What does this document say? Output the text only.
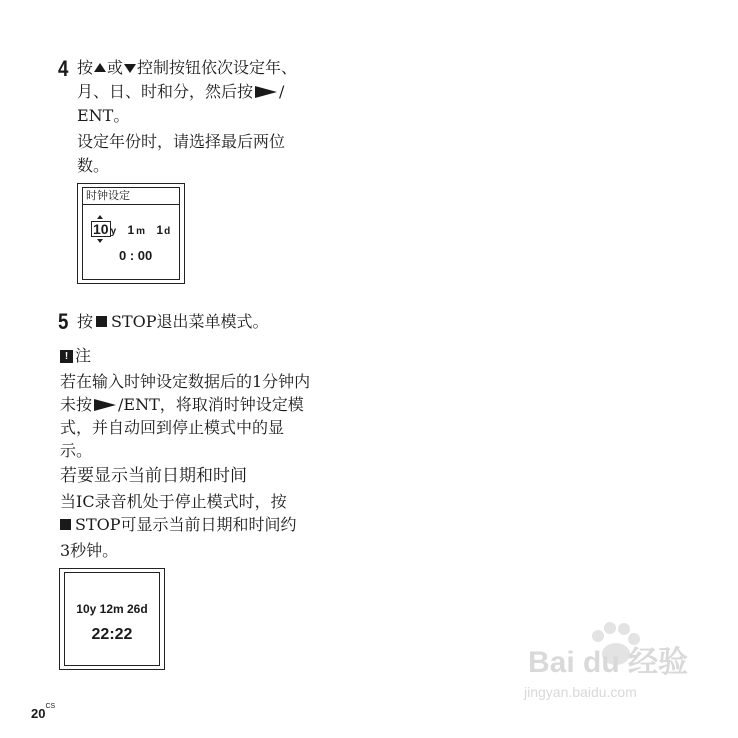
4 按 或 控制按钮依次设定年、
月、日、时和分，然后按 /
ENT。
设定年份时，请选择最后两位
数。
时钟设定
10 y 1 m 1d
0 : 00
5 按 STOP退出菜单模式。
! 注
若在输入时钟设定数据后的1分钟内
未按 /ENT，将取消时钟设定模
式，并自动回到停止模式中的显
示。
若要显示当前日期和时间
当IC录音机处于停止模式时，按
STOP可显示当前日期和时间约
3秒钟。
10y 12m 26d
22:22
$20^{CS}$
Bai du 经验
jingyan.baidu.com
